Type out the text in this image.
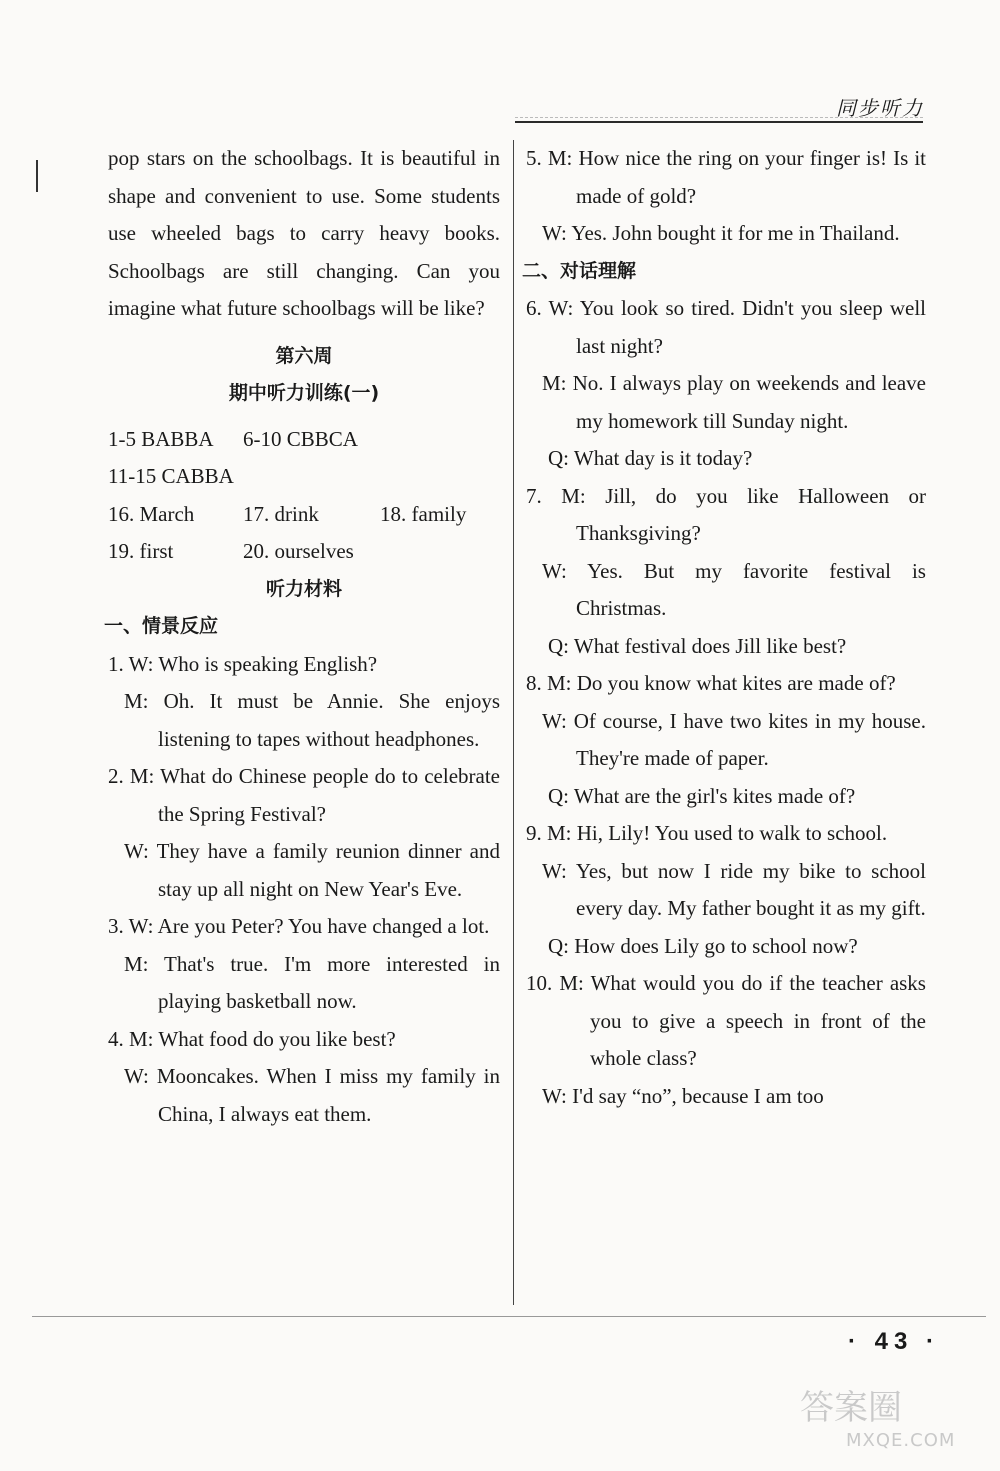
同步听力
pop stars on the schoolbags. It is beautiful in shape and convenient to use. Some students use wheeled bags to carry heavy books. Schoolbags are still changing. Can you imagine what future schoolbags will be like?
第六周
期中听力训练(一)
1-5 BABBA	6-10 CBBCA
11-15 CABBA
16. March	17. drink	18. family
19. first	20. ourselves
听力材料
一、情景反应
1. W: Who is speaking English?
M: Oh. It must be Annie. She enjoys listening to tapes without headphones.
2. M: What do Chinese people do to celebrate the Spring Festival?
W: They have a family reunion dinner and stay up all night on New Year's Eve.
3. W: Are you Peter? You have changed a lot.
M: That's true. I'm more interested in playing basketball now.
4. M: What food do you like best?
W: Mooncakes. When I miss my family in China, I always eat them.
5. M: How nice the ring on your finger is! Is it made of gold?
W: Yes. John bought it for me in Thailand.
二、对话理解
6. W: You look so tired. Didn't you sleep well last night?
M: No. I always play on weekends and leave my homework till Sunday night.
Q: What day is it today?
7. M: Jill, do you like Halloween or Thanksgiving?
W: Yes. But my favorite festival is Christmas.
Q: What festival does Jill like best?
8. M: Do you know what kites are made of?
W: Of course, I have two kites in my house. They're made of paper.
Q: What are the girl's kites made of?
9. M: Hi, Lily! You used to walk to school.
W: Yes, but now I ride my bike to school every day. My father bought it as my gift.
Q: How does Lily go to school now?
10. M: What would you do if the teacher asks you to give a speech in front of the whole class?
W: I'd say “no”, because I am too
· 43 ·
答案圈
MXQE.COM
